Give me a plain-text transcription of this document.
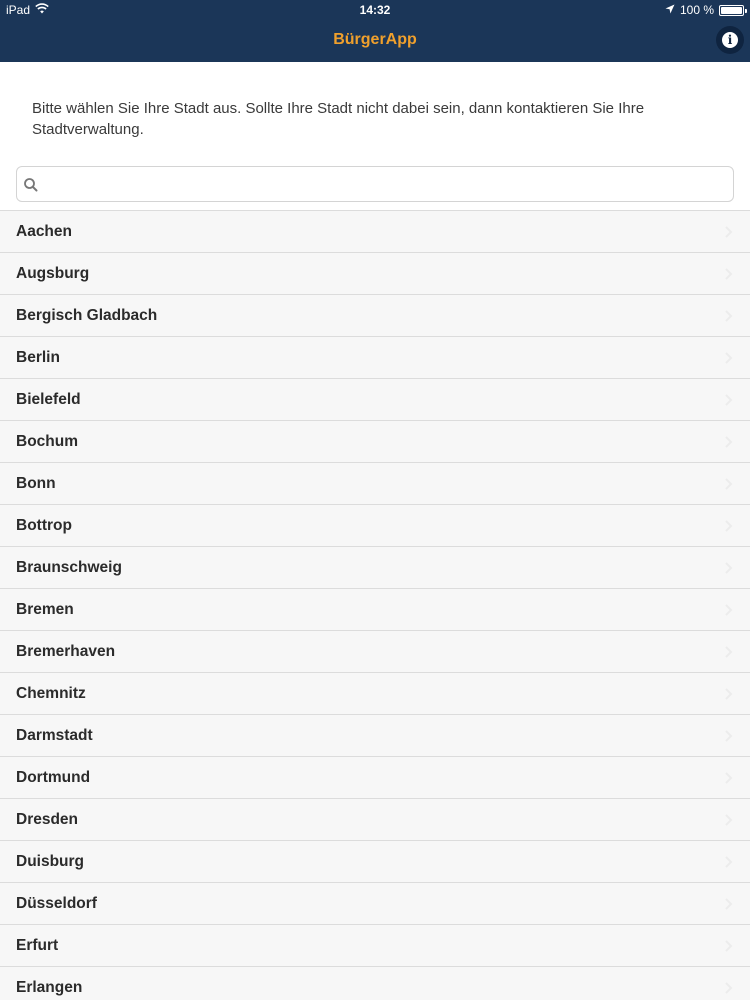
iPad	14:32	100 %
BürgerApp	i
Bitte wählen Sie Ihre Stadt aus. Sollte Ihre Stadt nicht dabei sein, dann kontaktieren Sie Ihre Stadtverwaltung.
Aachen
Augsburg
Bergisch Gladbach
Berlin
Bielefeld
Bochum
Bonn
Bottrop
Braunschweig
Bremen
Bremerhaven
Chemnitz
Darmstadt
Dortmund
Dresden
Duisburg
Düsseldorf
Erfurt
Erlangen
